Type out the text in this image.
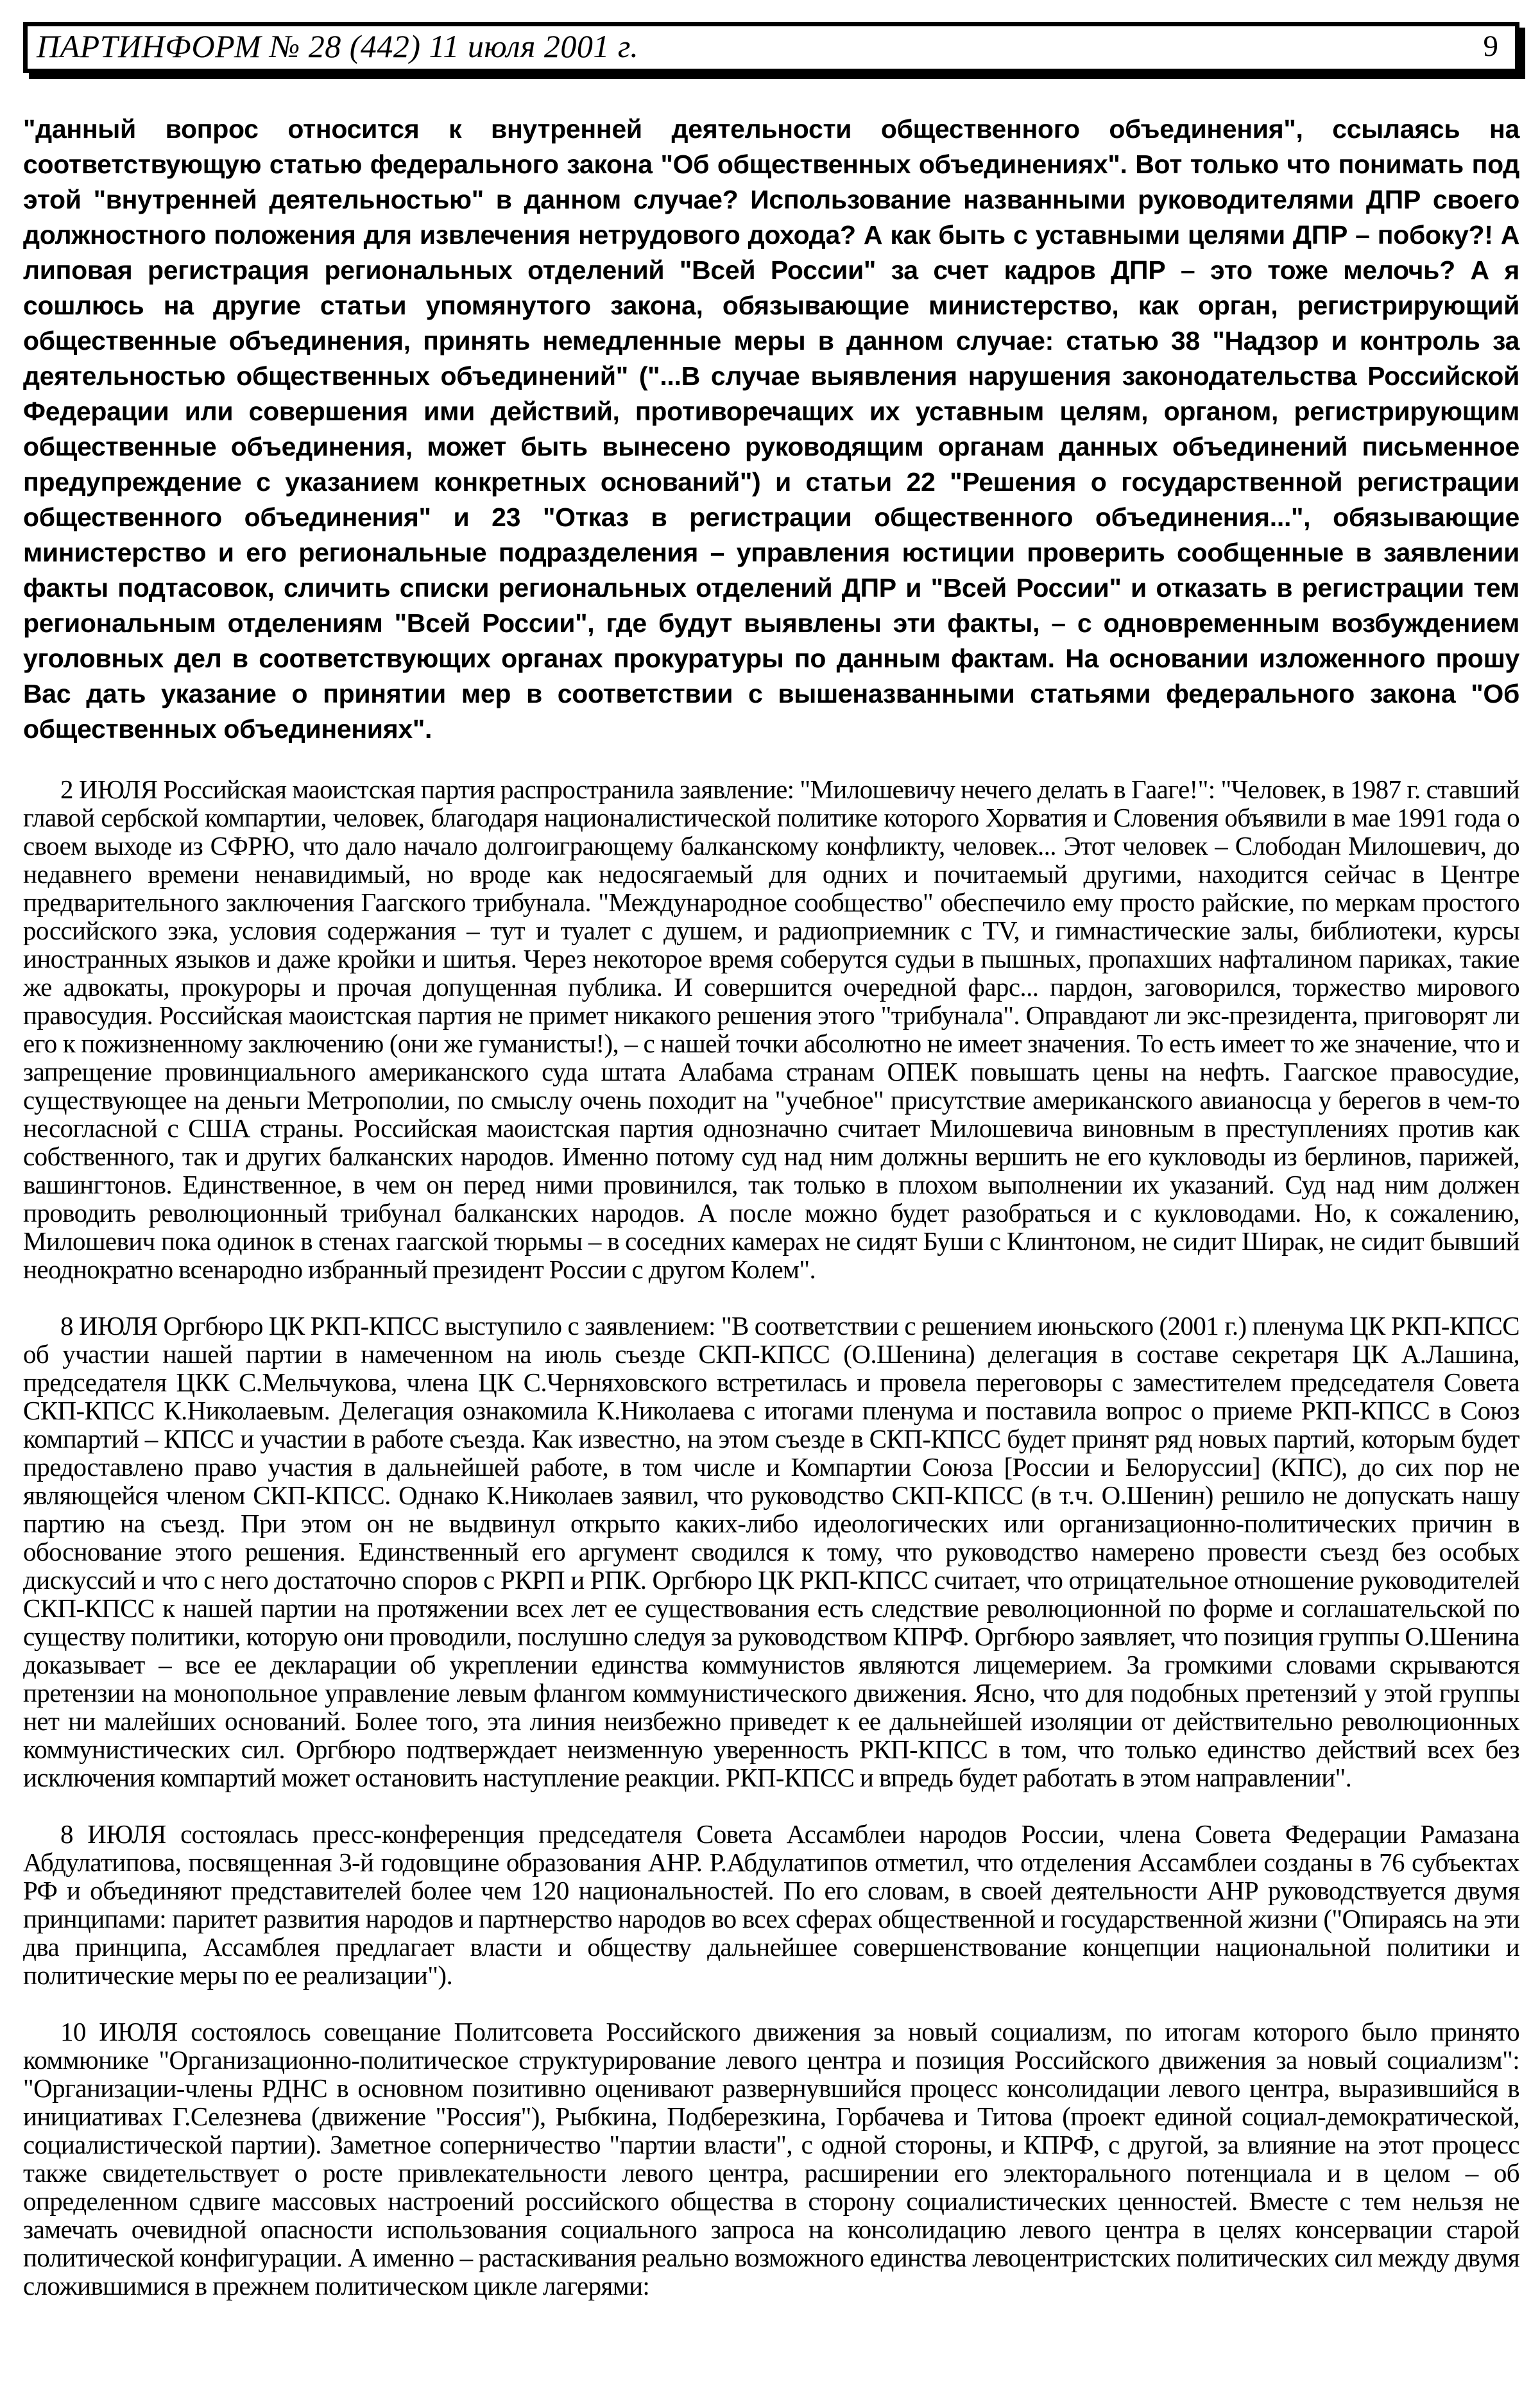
ПАРТИНФОРМ № 28 (442) 11 июля 2001 г.	9

"данный вопрос относится к внутренней деятельности общественного объединения", ссылаясь на соответствующую статью федерального закона "Об общественных объединениях". Вот только что понимать под этой "внутренней деятельностью" в данном случае? Использование названными руководителями ДПР своего должностного положения для извлечения нетрудового дохода? А как быть с уставными целями ДПР – побоку?! А липовая регистрация региональных отделений "Всей России" за счет кадров ДПР – это тоже мелочь? А я сошлюсь на другие статьи упомянутого закона, обязывающие министерство, как орган, регистрирующий общественные объединения, принять немедленные меры в данном случае: статью 38 "Надзор и контроль за деятельностью общественных объединений" ("...В случае выявления нарушения законодательства Российской Федерации или совершения ими действий, противоречащих их уставным целям, органом, регистрирующим общественные объединения, может быть вынесено руководящим органам данных объединений письменное предупреждение с указанием конкретных оснований") и статьи 22 "Решения о государственной регистрации общественного объединения" и 23 "Отказ в регистрации общественного объединения...", обязывающие министерство и его региональные подразделения – управления юстиции проверить сообщенные в заявлении факты подтасовок, сличить списки региональных отделений ДПР и "Всей России" и отказать в регистрации тем региональным отделениям "Всей России", где будут выявлены эти факты, – с одновременным возбуждением уголовных дел в соответствующих органах прокуратуры по данным фактам. На основании изложенного прошу Вас дать указание о принятии мер в соответствии с вышеназванными статьями федерального закона "Об общественных объединениях".

2 ИЮЛЯ Российская маоистская партия распространила заявление: "Милошевичу нечего делать в Гааге!": "Человек, в 1987 г. ставший главой сербской компартии, человек, благодаря националистической политике которого Хорватия и Словения объявили в мае 1991 года о своем выходе из СФРЮ, что дало начало долгоиграющему балканскому конфликту, человек... Этот человек – Слободан Милошевич, до недавнего времени ненавидимый, но вроде как недосягаемый для одних и почитаемый другими, находится сейчас в Центре предварительного заключения Гаагского трибунала. "Международное сообщество" обеспечило ему просто райские, по меркам простого российского зэка, условия содержания – тут и туалет с душем, и радиоприемник с TV, и гимнастические залы, библиотеки, курсы иностранных языков и даже кройки и шитья. Через некоторое время соберутся судьи в пышных, пропахших нафталином париках, такие же адвокаты, прокуроры и прочая допущенная публика. И совершится очередной фарс... пардон, заговорился, торжество мирового правосудия. Российская маоистская партия не примет никакого решения этого "трибунала". Оправдают ли экс-президента, приговорят ли его к пожизненному заключению (они же гуманисты!), – с нашей точки абсолютно не имеет значения. То есть имеет то же значение, что и запрещение провинциального американского суда штата Алабама странам ОПЕК повышать цены на нефть. Гаагское правосудие, существующее на деньги Метрополии, по смыслу очень походит на "учебное" присутствие американского авианосца у берегов в чем-то несогласной с США страны. Российская маоистская партия однозначно считает Милошевича виновным в преступлениях против как собственного, так и других балканских народов. Именно потому суд над ним должны вершить не его кукловоды из берлинов, парижей, вашингтонов. Единственное, в чем он перед ними провинился, так только в плохом выполнении их указаний. Суд над ним должен проводить революционный трибунал балканских народов. А после можно будет разобраться и с кукловодами. Но, к сожалению, Милошевич пока одинок в стенах гаагской тюрьмы – в соседних камерах не сидят Буши с Клинтоном, не сидит Ширак, не сидит бывший неоднократно всенародно избранный президент России с другом Колем".

8 ИЮЛЯ Оргбюро ЦК РКП-КПСС выступило с заявлением: "В соответствии с решением июньского (2001 г.) пленума ЦК РКП-КПСС об участии нашей партии в намеченном на июль съезде СКП-КПСС (О.Шенина) делегация в составе секретаря ЦК А.Лашина, председателя ЦКК С.Мельчукова, члена ЦК С.Черняховского встретилась и провела переговоры с заместителем председателя Совета СКП-КПСС К.Николаевым. Делегация ознакомила К.Николаева с итогами пленума и поставила вопрос о приеме РКП-КПСС в Союз компартий – КПСС и участии в работе съезда. Как известно, на этом съезде в СКП-КПСС будет принят ряд новых партий, которым будет предоставлено право участия в дальнейшей работе, в том числе и Компартии Союза [России и Белоруссии] (КПС), до сих пор не являющейся членом СКП-КПСС. Однако К.Николаев заявил, что руководство СКП-КПСС (в т.ч. О.Шенин) решило не допускать нашу партию на съезд. При этом он не выдвинул открыто каких-либо идеологических или организационно-политических причин в обоснование этого решения. Единственный его аргумент сводился к тому, что руководство намерено провести съезд без особых дискуссий и что с него достаточно споров с РКРП и РПК. Оргбюро ЦК РКП-КПСС считает, что отрицательное отношение руководителей СКП-КПСС к нашей партии на протяжении всех лет ее существования есть следствие революционной по форме и соглашательской по существу политики, которую они проводили, послушно следуя за руководством КПРФ. Оргбюро заявляет, что позиция группы О.Шенина доказывает – все ее декларации об укреплении единства коммунистов являются лицемерием. За громкими словами скрываются претензии на монопольное управление левым флангом коммунистического движения. Ясно, что для подобных претензий у этой группы нет ни малейших оснований. Более того, эта линия неизбежно приведет к ее дальнейшей изоляции от действительно революционных коммунистических сил. Оргбюро подтверждает неизменную уверенность РКП-КПСС в том, что только единство действий всех без исключения компартий может остановить наступление реакции. РКП-КПСС и впредь будет работать в этом направлении".

8 ИЮЛЯ состоялась пресс-конференция председателя Совета Ассамблеи народов России, члена Совета Федерации Рамазана Абдулатипова, посвященная 3-й годовщине образования АНР. Р.Абдулатипов отметил, что отделения Ассамблеи созданы в 76 субъектах РФ и объединяют представителей более чем 120 национальностей. По его словам, в своей деятельности АНР руководствуется двумя принципами: паритет развития народов и партнерство народов во всех сферах общественной и государственной жизни ("Опираясь на эти два принципа, Ассамблея предлагает власти и обществу дальнейшее совершенствование концепции национальной политики и политические меры по ее реализации").

10 ИЮЛЯ состоялось совещание Политсовета Российского движения за новый социализм, по итогам которого было принято коммюнике "Организационно-политическое структурирование левого центра и позиция Российского движения за новый социализм": "Организации-члены РДНС в основном позитивно оценивают развернувшийся процесс консолидации левого центра, выразившийся в инициативах Г.Селезнева (движение "Россия"), Рыбкина, Подберезкина, Горбачева и Титова (проект единой социал-демократической, социалистической партии). Заметное соперничество "партии власти", с одной стороны, и КПРФ, с другой, за влияние на этот процесс также свидетельствует о росте привлекательности левого центра, расширении его электорального потенциала и в целом – об определенном сдвиге массовых настроений российского общества в сторону социалистических ценностей. Вместе с тем нельзя не замечать очевидной опасности использования социального запроса на консолидацию левого центра в целях консервации старой политической конфигурации. А именно – растаскивания реально возможного единства левоцентристских политических сил между двумя сложившимися в прежнем политическом цикле лагерями:
